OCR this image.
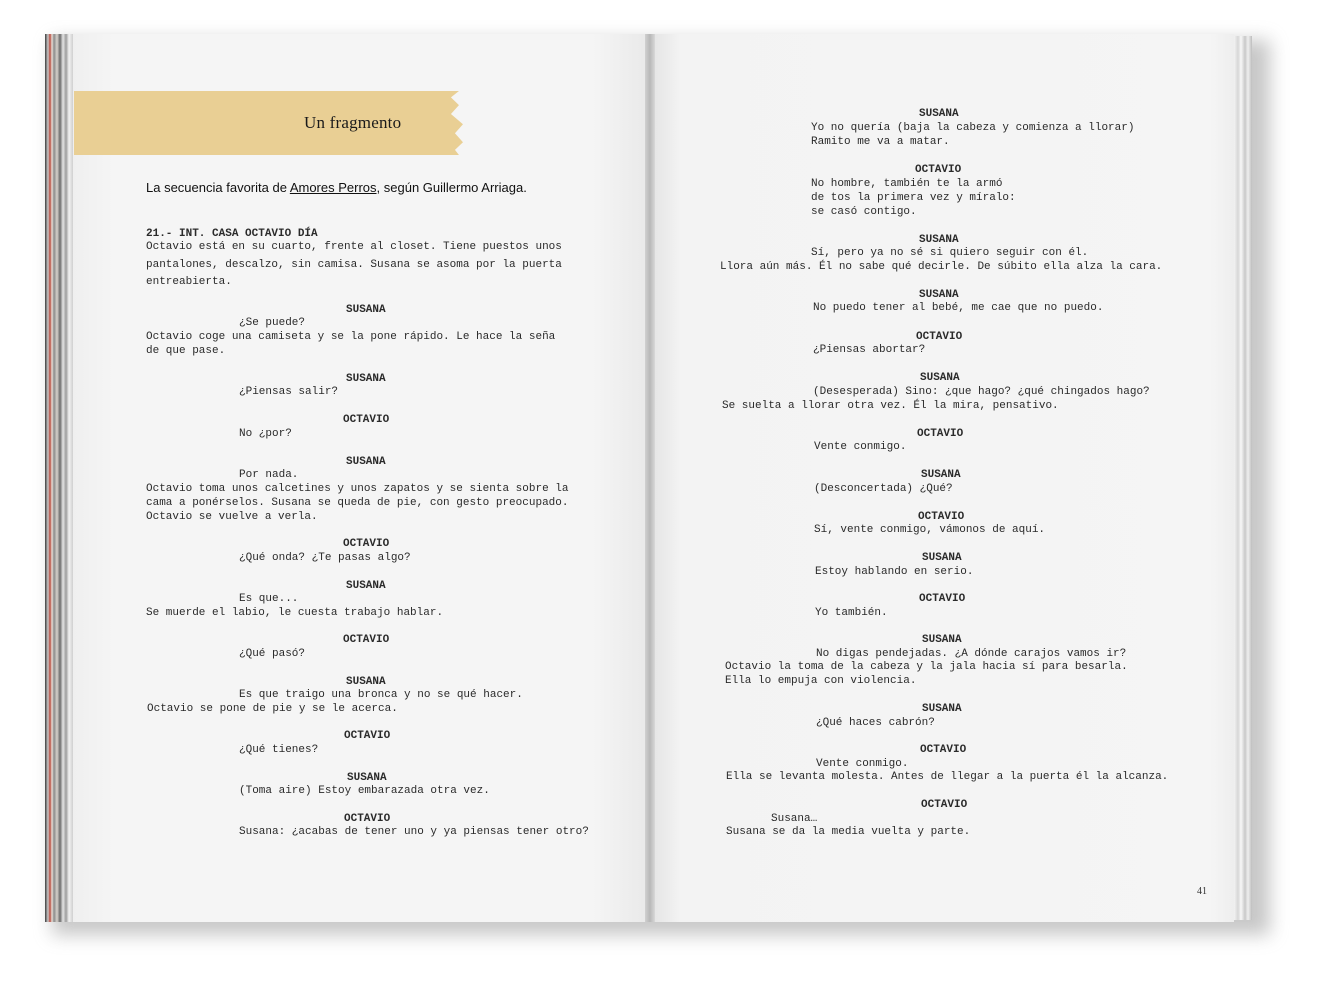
Un fragmento
La secuencia favorita de Amores Perros, según Guillermo Arriaga.
21.- INT. CASA OCTAVIO DÍA
Octavio está en su cuarto, frente al closet. Tiene puestos unos
pantalones, descalzo, sin camisa. Susana se asoma por la puerta
entreabierta.
SUSANA
¿Se puede?
Octavio coge una camiseta y se la pone rápido. Le hace la seña
de que pase.
SUSANA
¿Piensas salir?
OCTAVIO
No ¿por?
SUSANA
Por nada.
Octavio toma unos calcetines y unos zapatos y se sienta sobre la
cama a ponérselos. Susana se queda de pie, con gesto preocupado.
Octavio se vuelve a verla.
OCTAVIO
¿Qué onda? ¿Te pasas algo?
SUSANA
Es que...
Se muerde el labio, le cuesta trabajo hablar.
OCTAVIO
¿Qué pasó?
SUSANA
Es que traigo una bronca y no se qué hacer.
Octavio se pone de pie y se le acerca.
OCTAVIO
¿Qué tienes?
SUSANA
(Toma aire) Estoy embarazada otra vez.
OCTAVIO
Susana: ¿acabas de tener uno y ya piensas tener otro?
SUSANA
Yo no quería (baja la cabeza y comienza a llorar)
Ramito me va a matar.
OCTAVIO
No hombre, también te la armó
de tos la primera vez y míralo:
se casó contigo.
SUSANA
Sí, pero ya no sé si quiero seguir con él.
Llora aún más. Él no sabe qué decirle. De súbito ella alza la cara.
SUSANA
No puedo tener al bebé, me cae que no puedo.
OCTAVIO
¿Piensas abortar?
SUSANA
(Desesperada) Sino: ¿que hago? ¿qué chingados hago?
Se suelta a llorar otra vez. Él la mira, pensativo.
OCTAVIO
Vente conmigo.
SUSANA
(Desconcertada) ¿Qué?
OCTAVIO
Sí, vente conmigo, vámonos de aquí.
SUSANA
Estoy hablando en serio.
OCTAVIO
Yo también.
SUSANA
No digas pendejadas. ¿A dónde carajos vamos ir?
Octavio la toma de la cabeza y la jala hacia sí para besarla.
Ella lo empuja con violencia.
SUSANA
¿Qué haces cabrón?
OCTAVIO
Vente conmigo.
Ella se levanta molesta. Antes de llegar a la puerta él la alcanza.
OCTAVIO
Susana…
Susana se da la media vuelta y parte.
41
